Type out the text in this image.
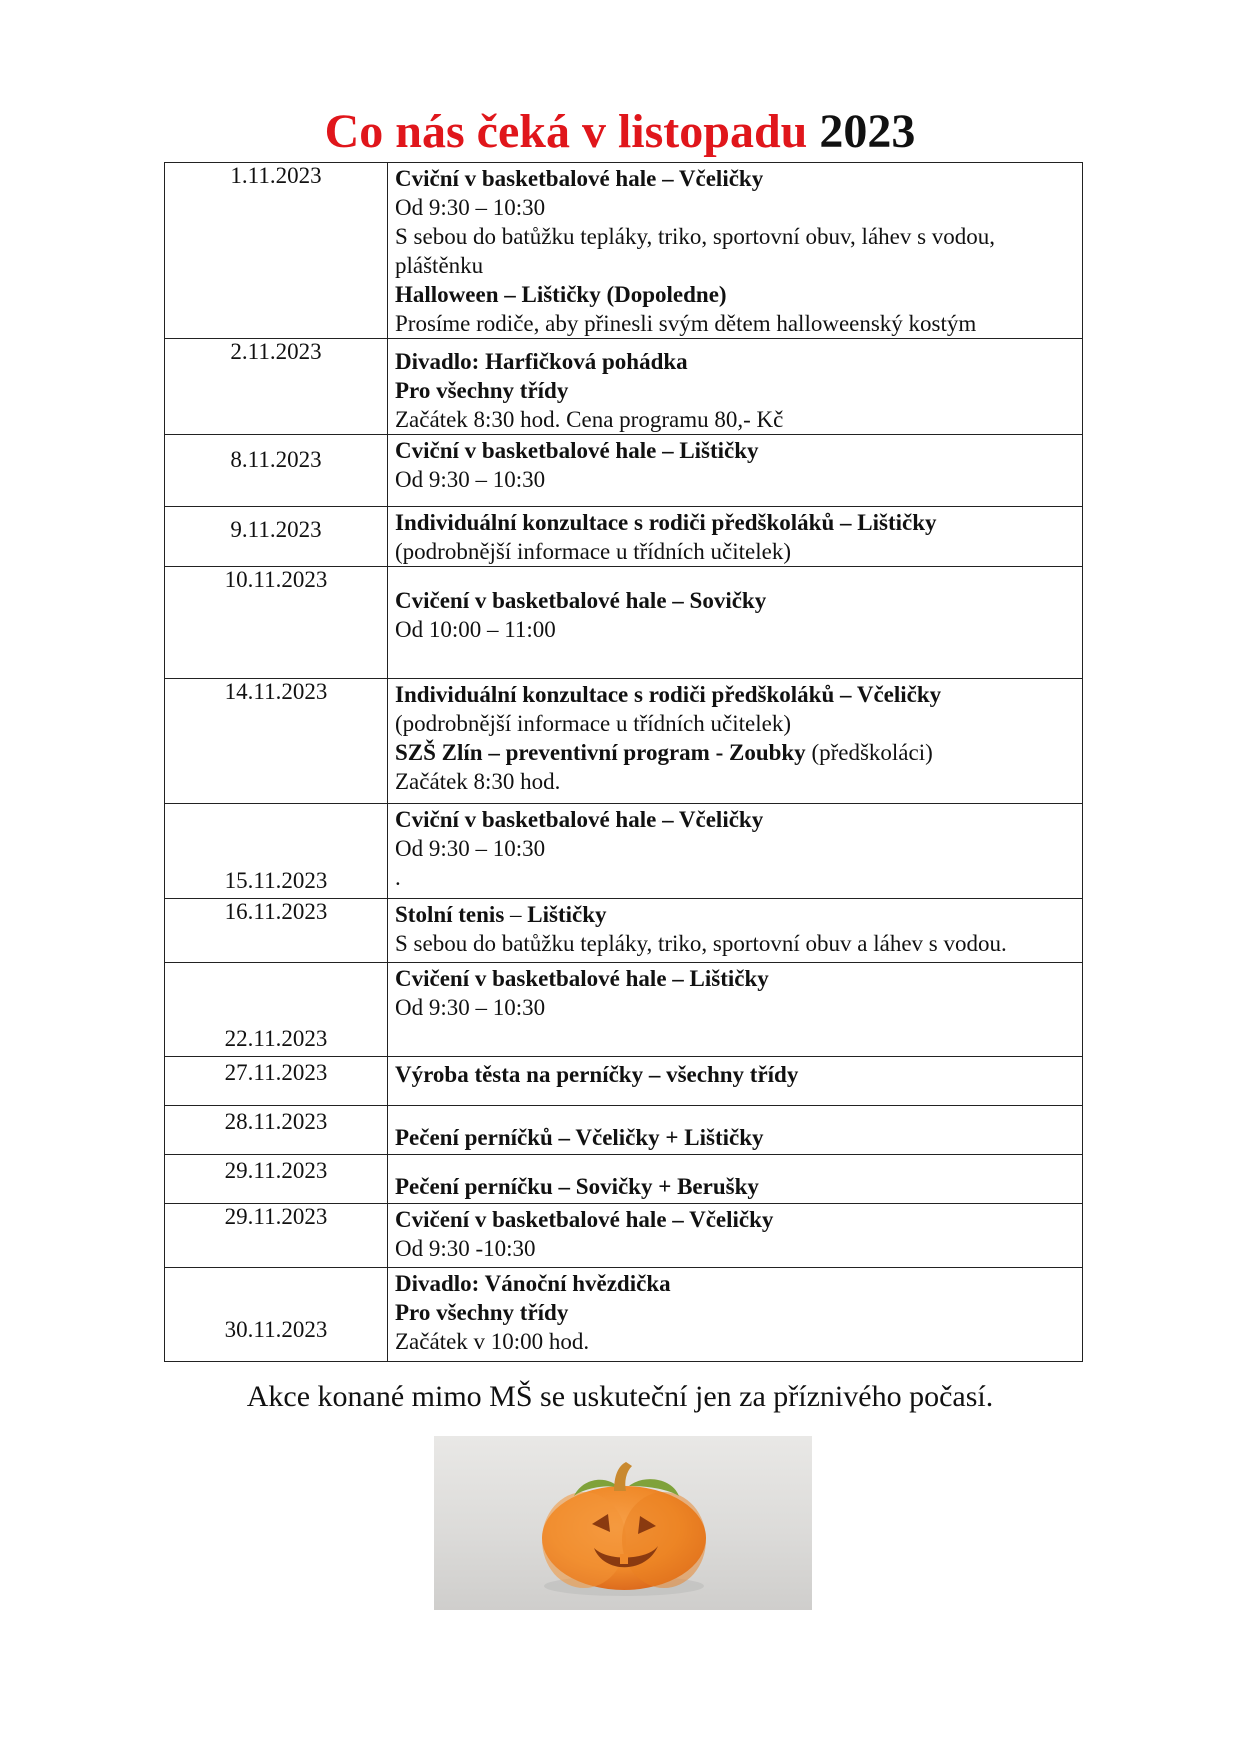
Co nás čeká v listopadu 2023
1.11.2023	Cviční v basketbalové hale – Včeličky
Od 9:30 – 10:30
S sebou do batůžku tepláky, triko, sportovní obuv, láhev s vodou, pláštěnku
Halloween – Lištičky (Dopoledne)
Prosíme rodiče, aby přinesli svým dětem halloweenský kostým

2.11.2023	Divadlo: Harfičková pohádka
Pro všechny třídy
Začátek 8:30 hod. Cena programu 80,- Kč

8.11.2023	Cviční v basketbalové hale – Lištičky
Od 9:30 – 10:30

9.11.2023	Individuální konzultace s rodiči předškoláků – Lištičky
(podrobnější informace u třídních učitelek)

10.11.2023	Cvičení v basketbalové hale – Sovičky
Od 10:00 – 11:00

14.11.2023	Individuální konzultace s rodiči předškoláků – Včeličky
(podrobnější informace u třídních učitelek)
SZŠ Zlín – preventivní program - Zoubky (předškoláci)
Začátek 8:30 hod.

15.11.2023	Cviční v basketbalové hale – Včeličky
Od 9:30 – 10:30
.

16.11.2023	Stolní tenis – Lištičky
S sebou do batůžku tepláky, triko, sportovní obuv a láhev s vodou.

22.11.2023	Cvičení v basketbalové hale – Lištičky
Od 9:30 – 10:30

27.11.2023	Výroba těsta na perníčky – všechny třídy

28.11.2023	Pečení perníčků – Včeličky + Lištičky

29.11.2023	Pečení perníčku – Sovičky + Berušky

29.11.2023	Cvičení v basketbalové hale – Včeličky
Od 9:30 -10:30

30.11.2023	Divadlo: Vánoční hvězdička
Pro všechny třídy
Začátek v 10:00 hod.
Akce konané mimo MŠ se uskuteční jen za příznivého počasí.
